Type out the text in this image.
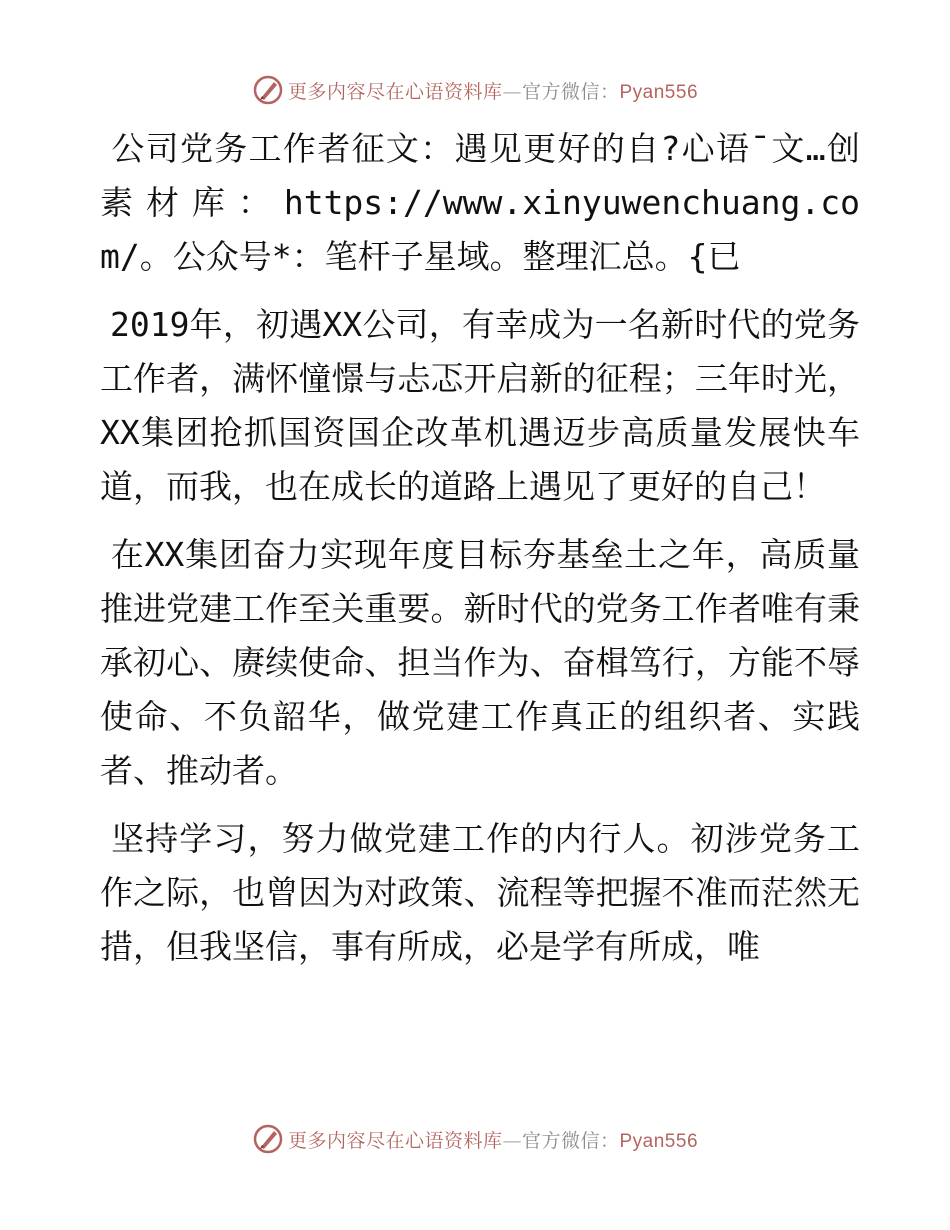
更多内容尽在心语资料库—官方微信：Pyan556

公司党务工作者征文：遇见更好的自?心语¯文…创素材库：https://www.xinyuwenchuang.com/。公众号*：笔杆子星域。整理汇总。{已

2019年，初遇XX公司，有幸成为一名新时代的党务工作者，满怀憧憬与忐忑开启新的征程；三年时光，XX集团抢抓国资国企改革机遇迈步高质量发展快车道，而我，也在成长的道路上遇见了更好的自己！

在XX集团奋力实现年度目标夯基垒土之年，高质量推进党建工作至关重要。新时代的党务工作者唯有秉承初心、赓续使命、担当作为、奋楫笃行，方能不辱使命、不负韶华，做党建工作真正的组织者、实践者、推动者。

坚持学习，努力做党建工作的内行人。初涉党务工作之际，也曾因为对政策、流程等把握不准而茫然无措，但我坚信，事有所成，必是学有所成，唯

更多内容尽在心语资料库—官方微信：Pyan556
